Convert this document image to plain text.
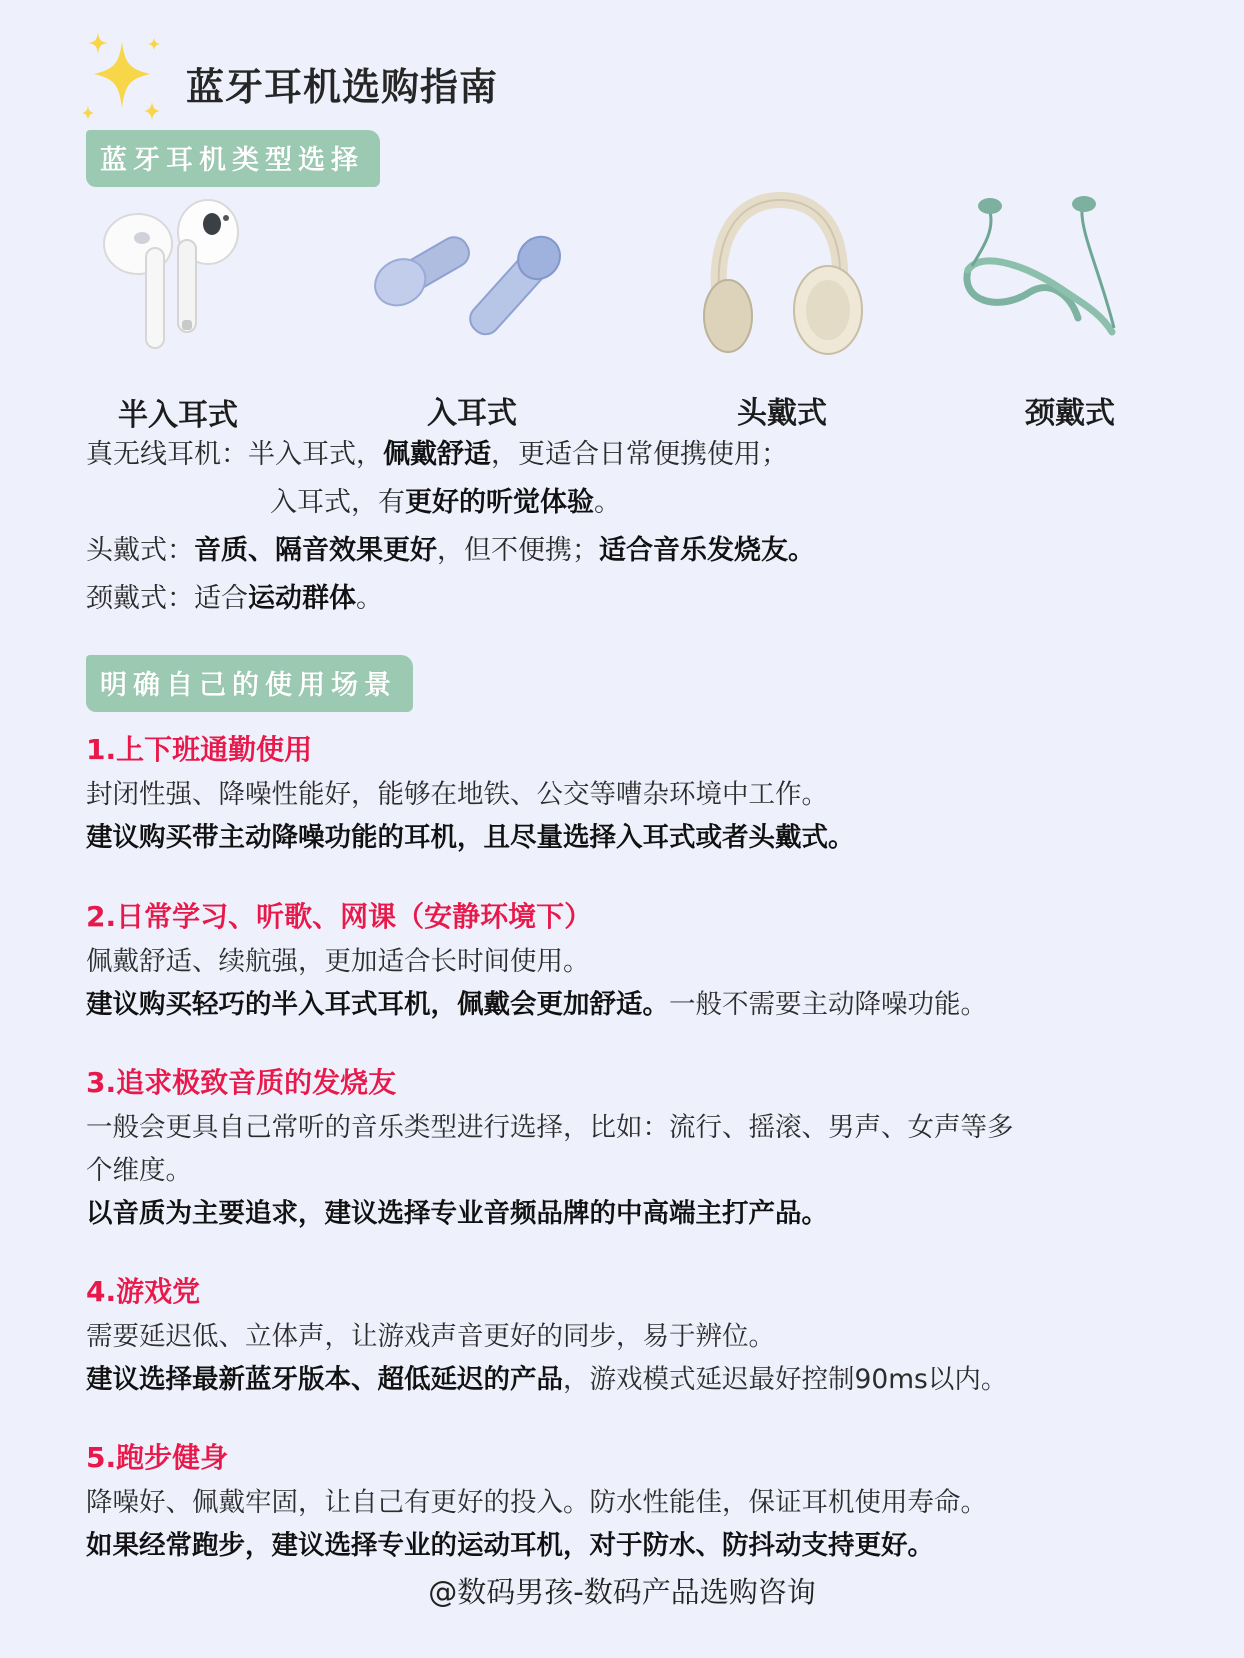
蓝牙耳机选购指南
蓝牙耳机类型选择
半入耳式	入耳式	头戴式	颈戴式
真无线耳机：半入耳式，佩戴舒适，更适合日常便携使用；
入耳式，有更好的听觉体验。
头戴式：音质、隔音效果更好，但不便携；适合音乐发烧友。
颈戴式：适合运动群体。
明确自己的使用场景
1.上下班通勤使用
封闭性强、降噪性能好，能够在地铁、公交等嘈杂环境中工作。
建议购买带主动降噪功能的耳机，且尽量选择入耳式或者头戴式。
2.日常学习、听歌、网课（安静环境下）
佩戴舒适、续航强，更加适合长时间使用。
建议购买轻巧的半入耳式耳机，佩戴会更加舒适。一般不需要主动降噪功能。
3.追求极致音质的发烧友
一般会更具自己常听的音乐类型进行选择，比如：流行、摇滚、男声、女声等多
个维度。
以音质为主要追求，建议选择专业音频品牌的中高端主打产品。
4.游戏党
需要延迟低、立体声，让游戏声音更好的同步，易于辨位。
建议选择最新蓝牙版本、超低延迟的产品，游戏模式延迟最好控制90ms以内。
5.跑步健身
降噪好、佩戴牢固，让自己有更好的投入。防水性能佳，保证耳机使用寿命。
如果经常跑步，建议选择专业的运动耳机，对于防水、防抖动支持更好。
@数码男孩-数码产品选购咨询
